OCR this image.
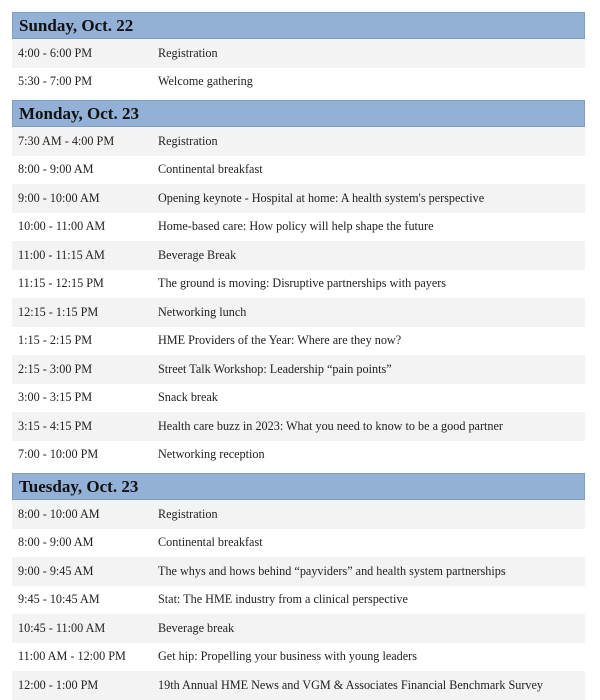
Sunday, Oct. 22
4:00 - 6:00 PM	Registration
5:30 - 7:00 PM	Welcome gathering
Monday, Oct. 23
7:30 AM - 4:00 PM	Registration
8:00 - 9:00 AM	Continental breakfast
9:00 - 10:00 AM	Opening keynote - Hospital at home: A health system's perspective
10:00 - 11:00 AM	Home-based care: How policy will help shape the future
11:00 - 11:15 AM	Beverage Break
11:15 - 12:15 PM	The ground is moving: Disruptive partnerships with payers
12:15 - 1:15 PM	Networking lunch
1:15 - 2:15 PM	HME Providers of the Year: Where are they now?
2:15 - 3:00 PM	Street Talk Workshop: Leadership “pain points”
3:00 - 3:15 PM	Snack break
3:15 - 4:15 PM	Health care buzz in 2023: What you need to know to be a good partner
7:00 - 10:00 PM	Networking reception
Tuesday, Oct. 23
8:00 - 10:00 AM	Registration
8:00 - 9:00 AM	Continental breakfast
9:00 - 9:45 AM	The whys and hows behind “payviders” and health system partnerships
9:45 - 10:45 AM	Stat: The HME industry from a clinical perspective
10:45 - 11:00 AM	Beverage break
11:00 AM - 12:00 PM	Get hip: Propelling your business with young leaders
12:00 - 1:00 PM	19th Annual HME News and VGM & Associates Financial Benchmark Survey
